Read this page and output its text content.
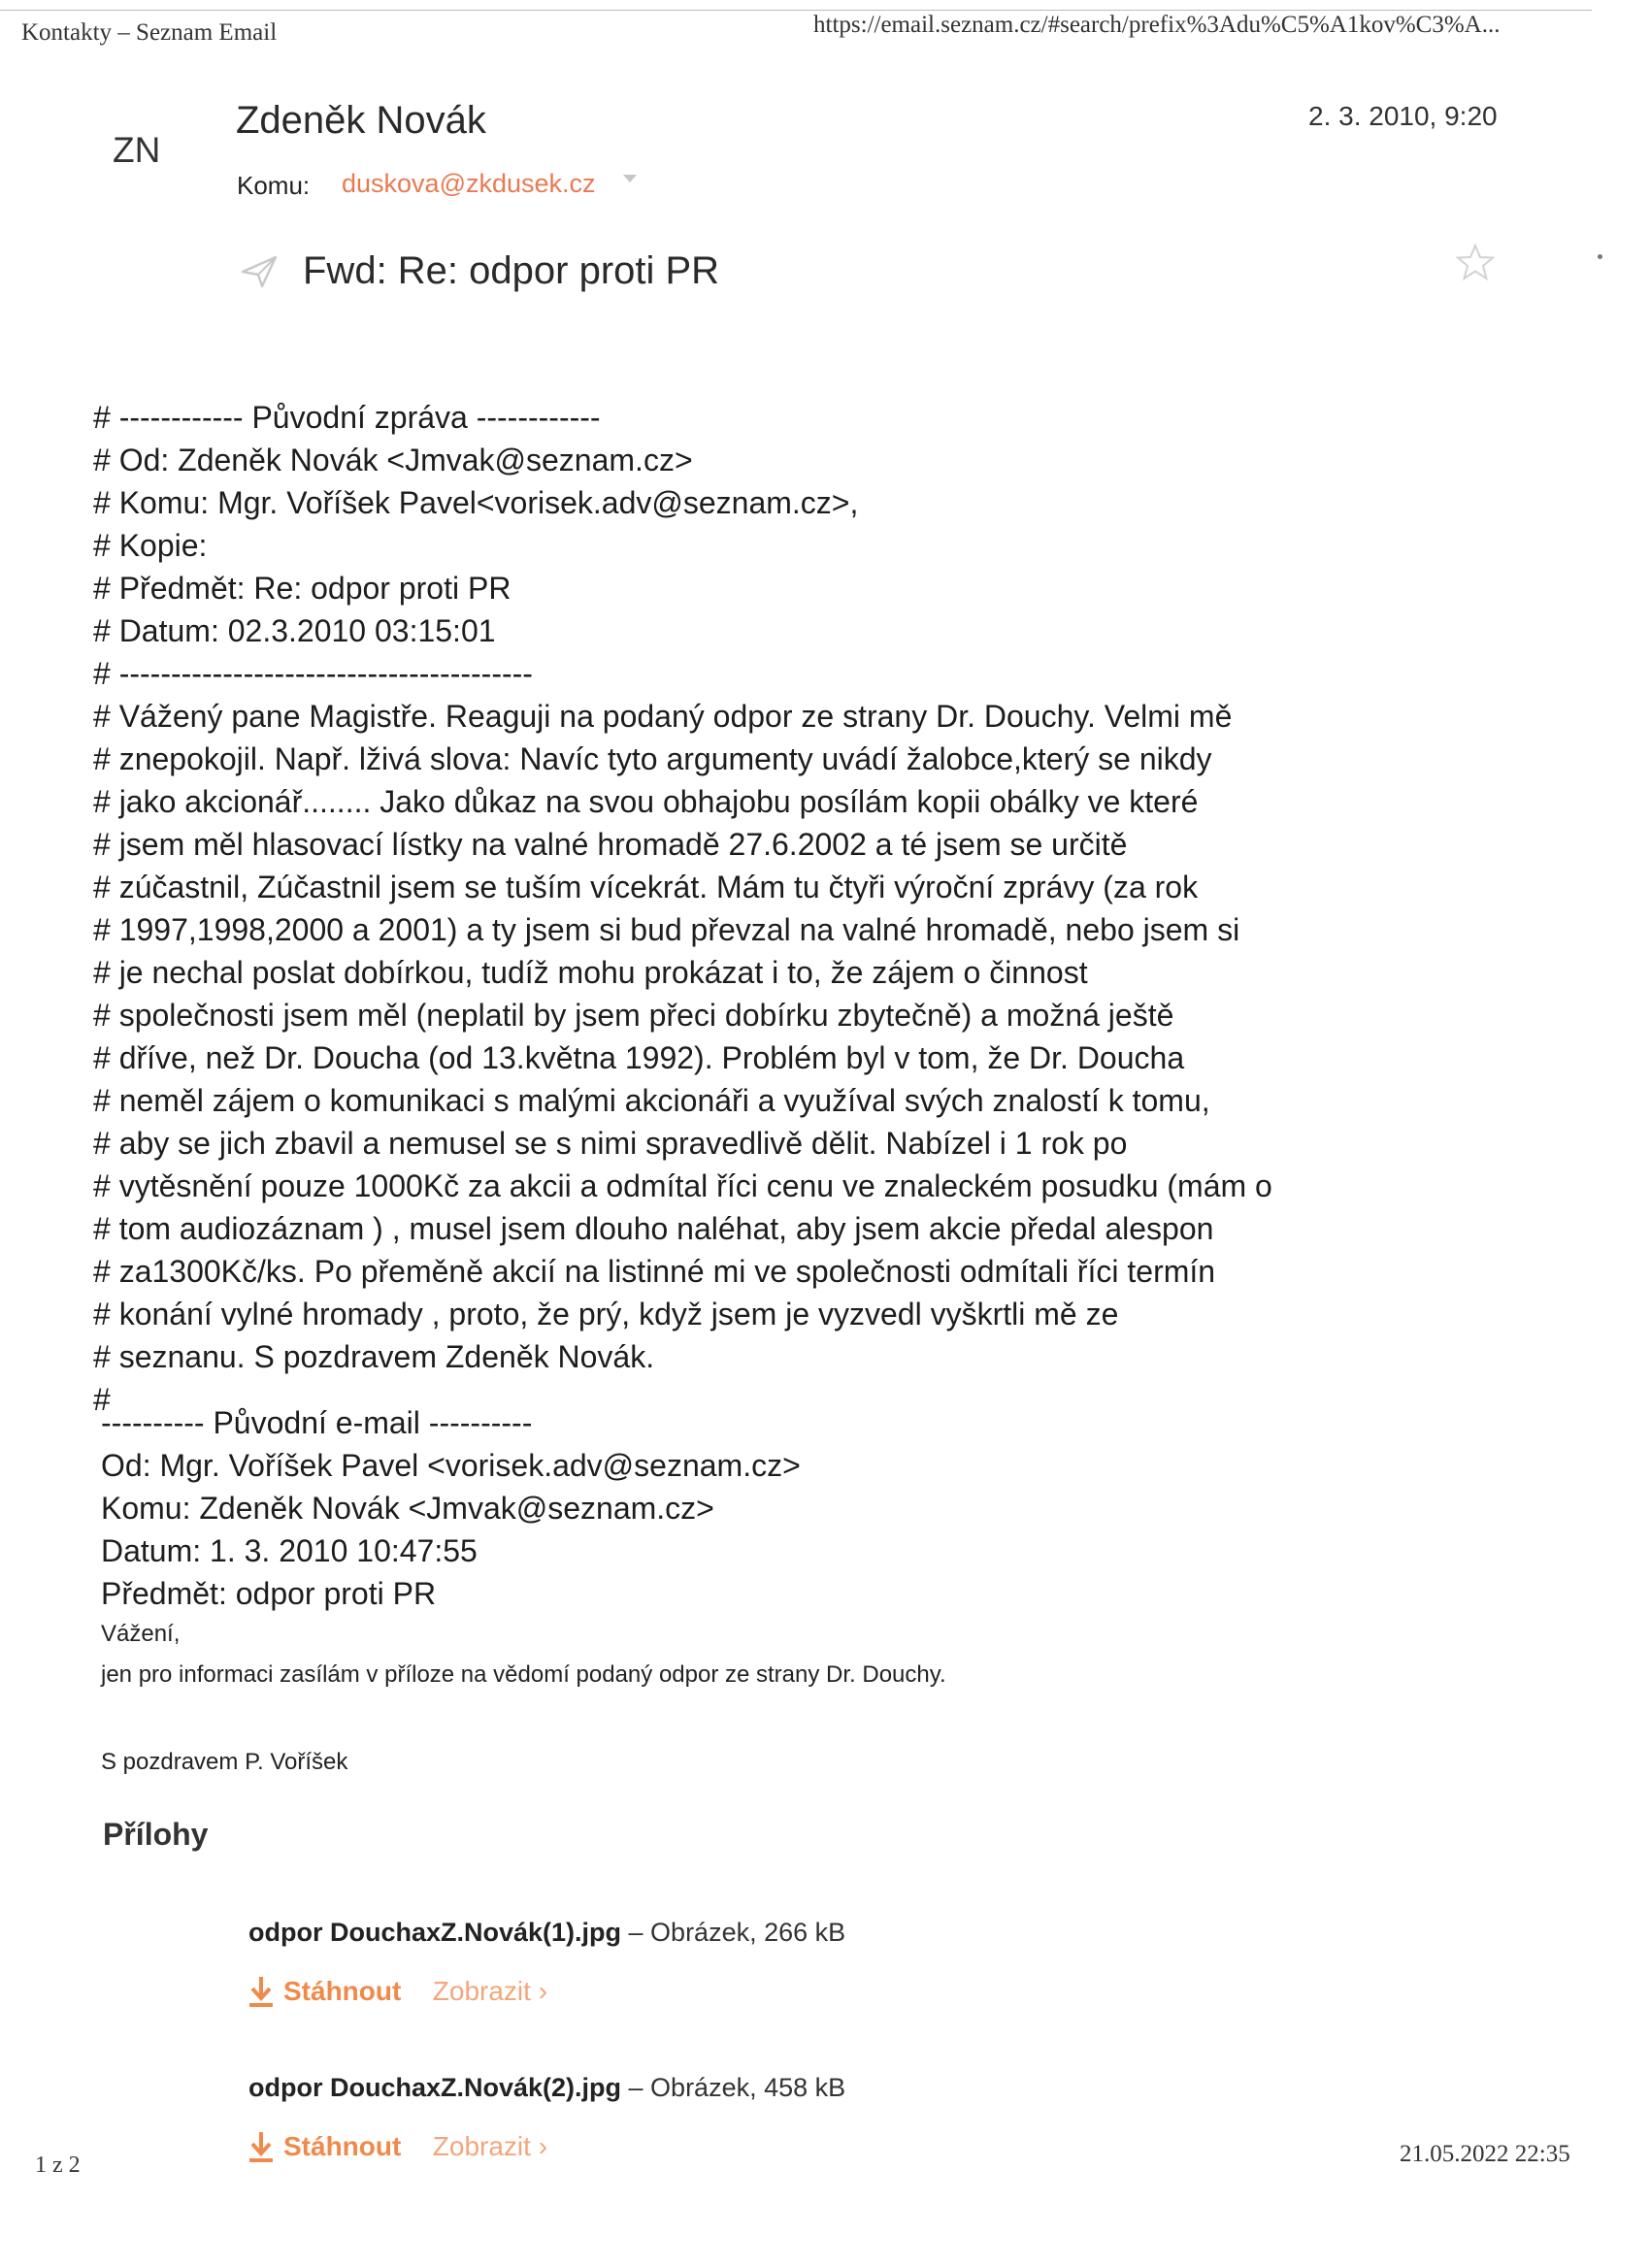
Kontakty – Seznam Email	https://email.seznam.cz/#search/prefix%3Adu%C5%A1kov%C3%A...
ZN
Zdeněk Novák	2. 3. 2010, 9:20
Komu: duskova@zkdusek.cz
Fwd: Re: odpor proti PR
# ------------ Původní zpráva ------------
# Od: Zdeněk Novák <Jmvak@seznam.cz>
# Komu: Mgr. Voříšek Pavel<vorisek.adv@seznam.cz>,
# Kopie:
# Předmět: Re: odpor proti PR
# Datum: 02.3.2010 03:15:01
# ----------------------------------------
# Vážený pane Magistře. Reaguji na podaný odpor ze strany Dr. Douchy. Velmi mě
# znepokojil. Např. lživá slova: Navíc tyto argumenty uvádí žalobce,který se nikdy
# jako akcionář........ Jako důkaz na svou obhajobu posílám kopii obálky ve které
# jsem měl hlasovací lístky na valné hromadě 27.6.2002 a té jsem se určitě
# zúčastnil, Zúčastnil jsem se tuším vícekrát. Mám tu čtyři výroční zprávy (za rok
# 1997,1998,2000 a 2001) a ty jsem si bud převzal na valné hromadě, nebo jsem si
# je nechal poslat dobírkou, tudíž mohu prokázat i to, že zájem o činnost
# společnosti jsem měl (neplatil by jsem přeci dobírku zbytečně) a možná ještě
# dříve, než Dr. Doucha (od 13.května 1992). Problém byl v tom, že Dr. Doucha
# neměl zájem o komunikaci s malými akcionáři a využíval svých znalostí k tomu,
# aby se jich zbavil a nemusel se s nimi spravedlivě dělit. Nabízel i 1 rok po
# vytěsnění pouze 1000Kč za akcii a odmítal říci cenu ve znaleckém posudku (mám o
# tom audiozáznam ) , musel jsem dlouho naléhat, aby jsem akcie předal alespon
# za1300Kč/ks. Po přeměně akcií na listinné mi ve společnosti odmítali říci termín
# konání vylné hromady , proto, že prý, když jsem je vyzvedl vyškrtli mě ze
# seznanu. S pozdravem Zdeněk Novák.
#
---------- Původní e-mail ----------
Od: Mgr. Voříšek Pavel <vorisek.adv@seznam.cz>
Komu: Zdeněk Novák <Jmvak@seznam.cz>
Datum: 1. 3. 2010 10:47:55
Předmět: odpor proti PR
Vážení,
jen pro informaci zasílám v příloze na vědomí podaný odpor ze strany Dr. Douchy.
S pozdravem P. Voříšek
Přílohy
odpor DouchaxZ.Novák(1).jpg – Obrázek, 266 kB
Stáhnout Zobrazit ›
odpor DouchaxZ.Novák(2).jpg – Obrázek, 458 kB
Stáhnout Zobrazit ›
1 z 2	21.05.2022 22:35
